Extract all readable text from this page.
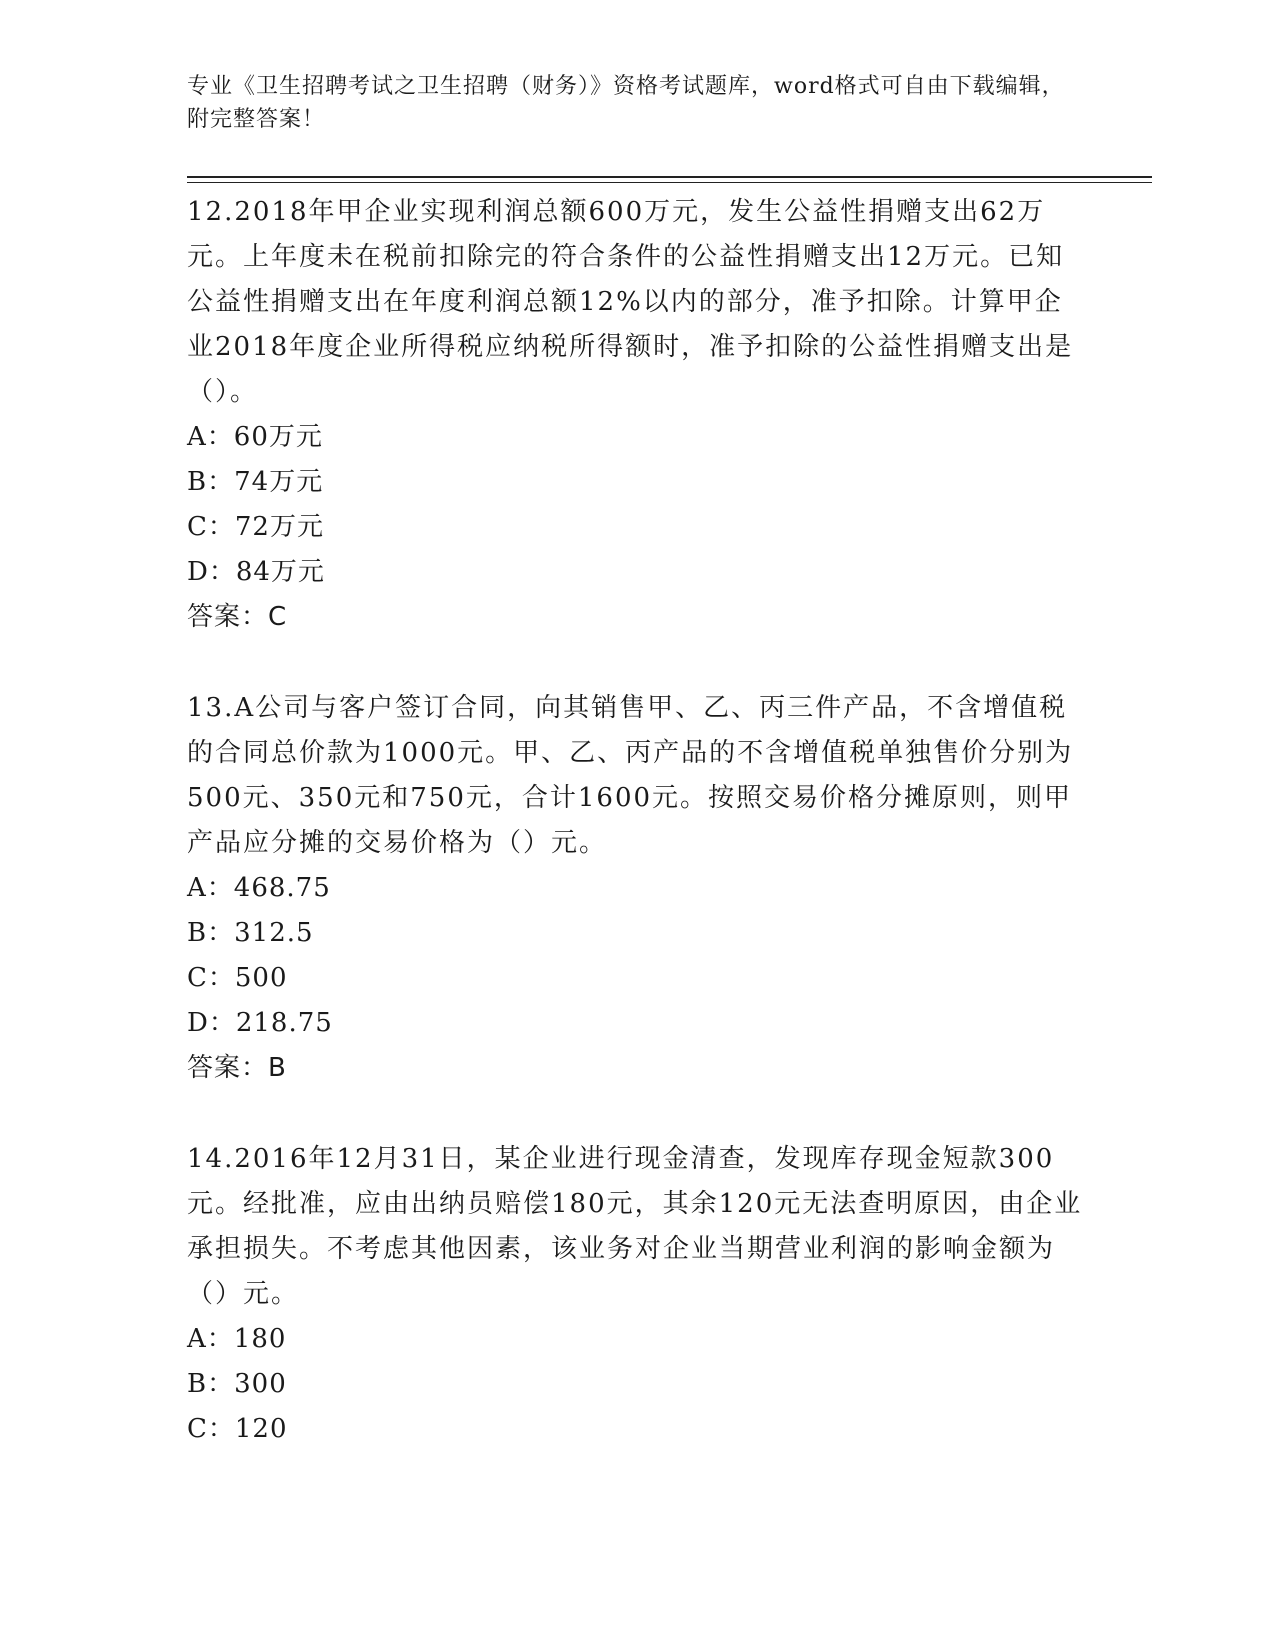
专业《卫生招聘考试之卫生招聘（财务）》资格考试题库，word格式可自由下载编辑，附完整答案！
12.2018年甲企业实现利润总额600万元，发生公益性捐赠支出62万元。上年度未在税前扣除完的符合条件的公益性捐赠支出12万元。已知公益性捐赠支出在年度利润总额12%以内的部分，准予扣除。计算甲企业2018年度企业所得税应纳税所得额时，准予扣除的公益性捐赠支出是（）。
A：60万元
B：74万元
C：72万元
D：84万元
答案：C
13.A公司与客户签订合同，向其销售甲、乙、丙三件产品，不含增值税的合同总价款为1000元。甲、乙、丙产品的不含增值税单独售价分别为500元、350元和750元，合计1600元。按照交易价格分摊原则，则甲产品应分摊的交易价格为（）元。
A：468.75
B：312.5
C：500
D：218.75
答案：B
14.2016年12月31日，某企业进行现金清查，发现库存现金短款300元。经批准，应由出纳员赔偿180元，其余120元无法查明原因，由企业承担损失。不考虑其他因素，该业务对企业当期营业利润的影响金额为（）元。
A：180
B：300
C：120
